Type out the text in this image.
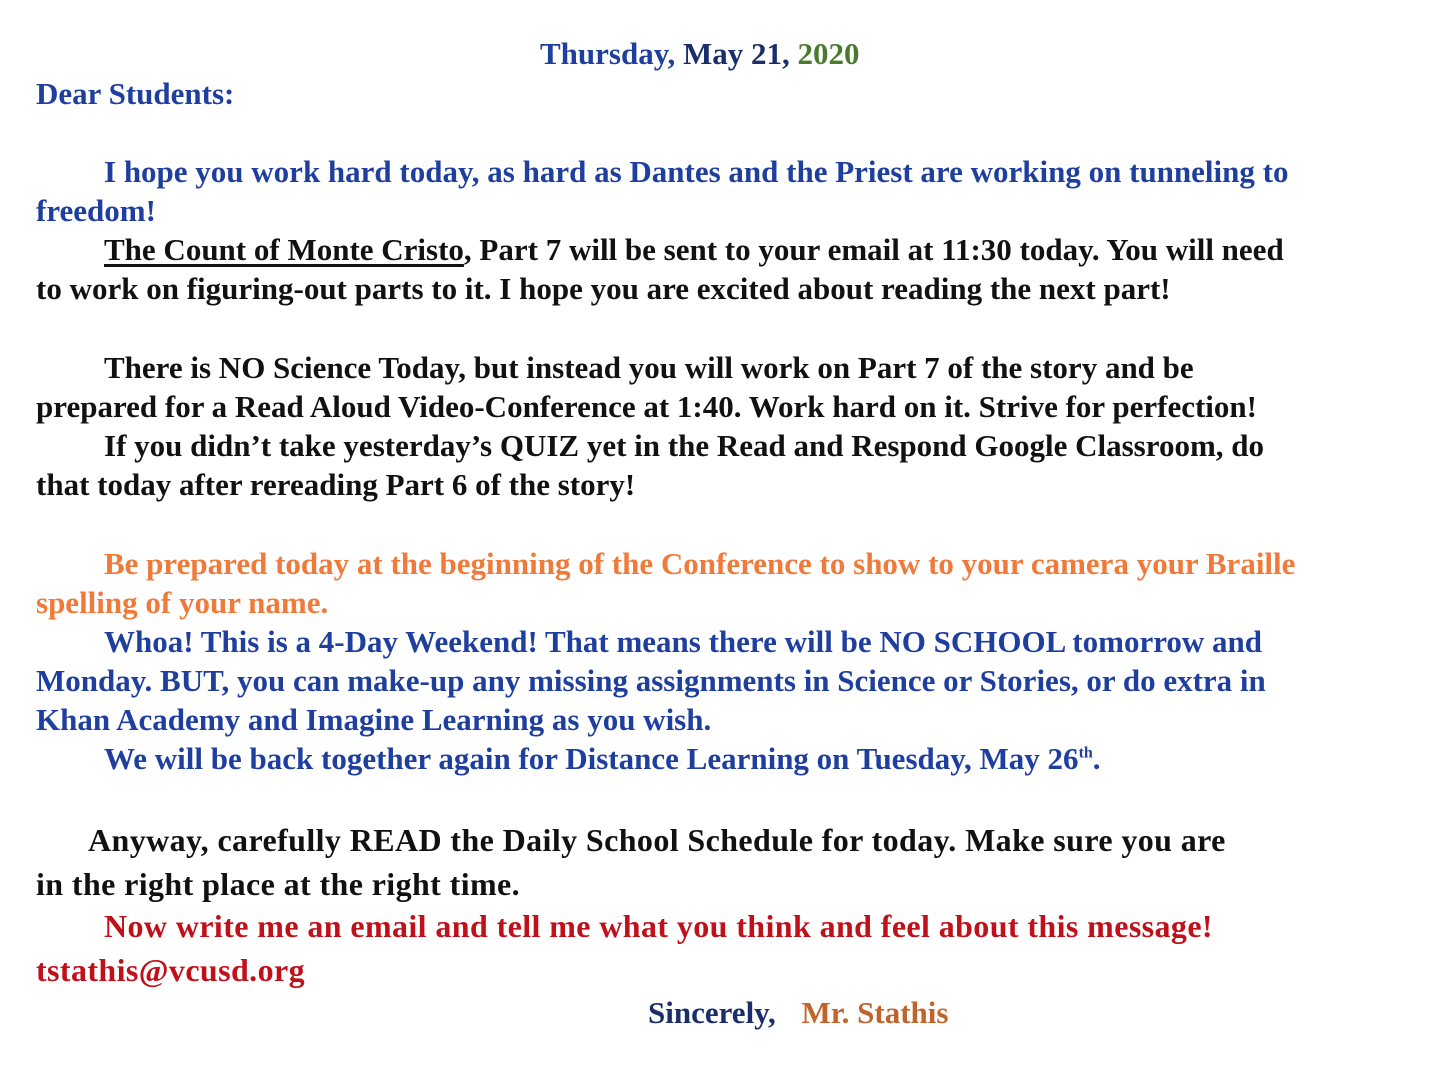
Thursday, May 21, 2020
Dear Students:
I hope you work hard today, as hard as Dantes and the Priest are working on tunneling to
freedom!
The Count of Monte Cristo, Part 7 will be sent to your email at 11:30 today. You will need
to work on figuring-out parts to it. I hope you are excited about reading the next part!
There is NO Science Today, but instead you will work on Part 7 of the story and be
prepared for a Read Aloud Video-Conference at 1:40. Work hard on it. Strive for perfection!
If you didn’t take yesterday’s QUIZ yet in the Read and Respond Google Classroom, do
that today after rereading Part 6 of the story!
Be prepared today at the beginning of the Conference to show to your camera your Braille
spelling of your name.
Whoa! This is a 4-Day Weekend! That means there will be NO SCHOOL tomorrow and
Monday. BUT, you can make-up any missing assignments in Science or Stories, or do extra in
Khan Academy and Imagine Learning as you wish.
We will be back together again for Distance Learning on Tuesday, May 26th.
Anyway, carefully READ the Daily School Schedule for today. Make sure you are
in the right place at the right time.
Now write me an email and tell me what you think and feel about this message!
tstathis@vcusd.org
Sincerely, Mr. Stathis
